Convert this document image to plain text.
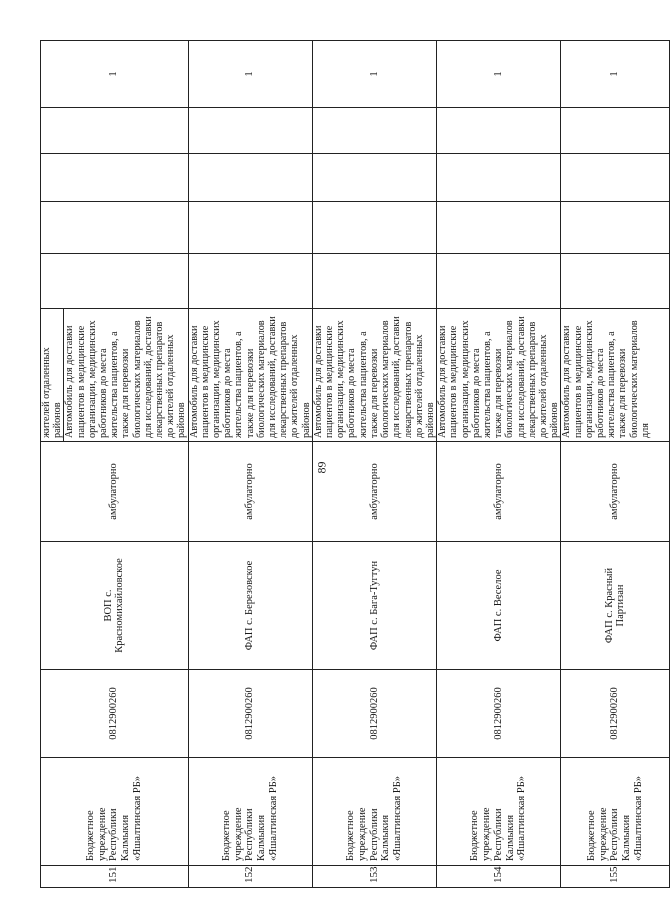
151	Бюджетное учреждение Республики Калмыкия «Яшалтинская РБ»	0812900260	ВОП с. Красномихайловское	амбулаторно	жителей отдаленных районов Автомобиль для доставки пациентов в медицинские организации, медицинских работников до места жительства пациентов, а также для перевозки биологических материалов для исследований, доставки лекарственных препаратов до жителей отдаленных районов					1
152	Бюджетное учреждение Республики Калмыкия «Яшалтинская РБ»	0812900260	ФАП с. Березовское	амбулаторно	Автомобиль для доставки пациентов в медицинские организации, медицинских работников до места жительства пациентов, а также для перевозки биологических материалов для исследований, доставки лекарственных препаратов до жителей отдаленных районов					1
153	Бюджетное учреждение Республики Калмыкия «Яшалтинская РБ»	0812900260	ФАП с. Бага-Тугтун	амбулаторно	Автомобиль для доставки пациентов в медицинские организации, медицинских работников до места жительства пациентов, а также для перевозки биологических материалов для исследований, доставки лекарственных препаратов до жителей отдаленных районов					1
154	Бюджетное учреждение Республики Калмыкия «Яшалтинская РБ»	0812900260	ФАП с. Веселое	амбулаторно	Автомобиль для доставки пациентов в медицинские организации, медицинских работников до места жительства пациентов, а также для перевозки биологических материалов для исследований, доставки лекарственных препаратов до жителей отдаленных районов					1
155	Бюджетное учреждение Республики Калмыкия «Яшалтинская РБ»	0812900260	ФАП с. Красный Партизан	амбулаторно	Автомобиль для доставки пациентов в медицинские организации, медицинских работников до места жительства пациентов, а также для перевозки биологических материалов для					1
89
